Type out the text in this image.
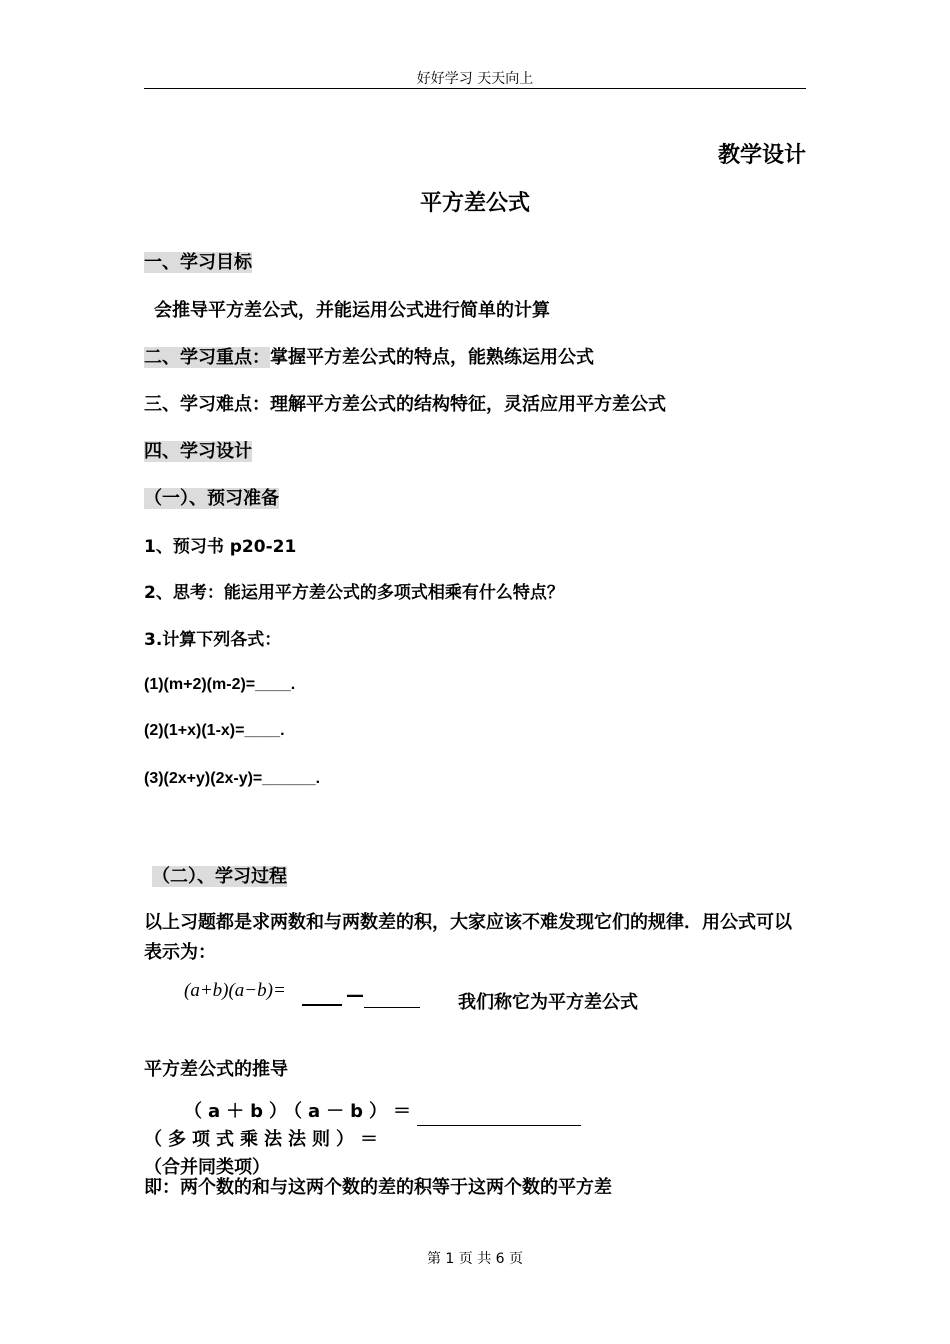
好好学习 天天向上
教学设计
平方差公式
一、学习目标
会推导平方差公式，并能运用公式进行简单的计算
二、学习重点：掌握平方差公式的特点，能熟练运用公式
三、学习难点：理解平方差公式的结构特征，灵活应用平方差公式
四、学习设计
（一）、预习准备
1、预习书 p20-21
2、思考：能运用平方差公式的多项式相乘有什么特点？
3.计算下列各式：
(1)(m+2)(m-2)=____.
(2)(1+x)(1-x)=____.
(3)(2x+y)(2x-y)=______.
（二）、学习过程
以上习题都是求两数和与两数差的积，大家应该不难发现它们的规律．用公式可以表示为：
(a+b)(a−b)=	—	我们称它为平方差公式
平方差公式的推导
（a＋b）（a－b）＝（多项式乘法法则）＝
（合并同类项）
即：两个数的和与这两个数的差的积等于这两个数的平方差
第 1 页 共 6 页
